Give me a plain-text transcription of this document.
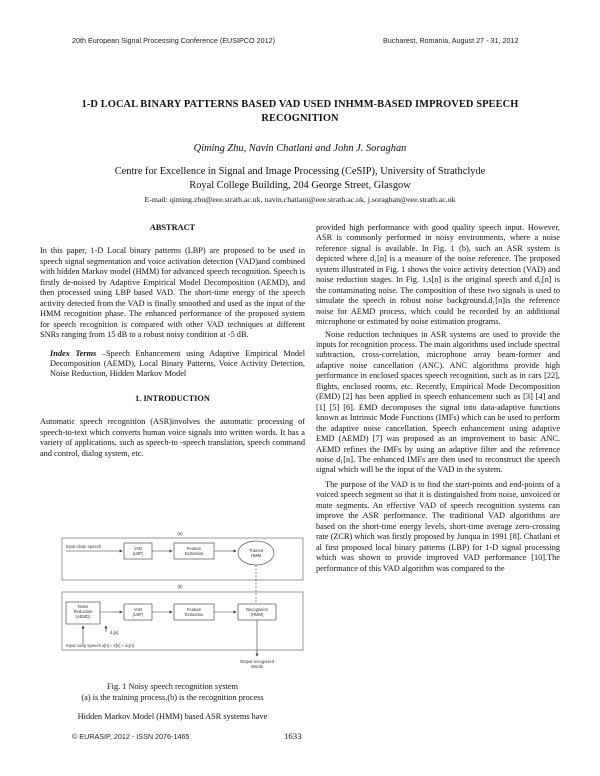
20th European Signal Processing Conference (EUSIPCO 2012)	Bucharest, Romania, August 27 - 31, 2012
1-D LOCAL BINARY PATTERNS BASED VAD USED INHMM-BASED IMPROVED SPEECH
RECOGNITION
Qiming Zhu, Navin Chatlani and John J. Soraghan
Centre for Excellence in Signal and Image Processing (CeSIP), University of Strathclyde
Royal College Building, 204 George Street, Glasgow
E-mail: qiming.zhu@eee.strath.ac.uk, navin.chatlani@eee.strath.ac.uk, j.soraghan@eee.strath.ac.uk

ABSTRACT

In this paper, 1-D Local binary patterns (LBP) are proposed to be used in speech signal segmentation and voice activation detection (VAD)and combined with hidden Markov model (HMM) for advanced speech recognition. Speech is firstly de-noised by Adaptive Empirical Model Decomposition (AEMD), and then processed using LBP based VAD. The short-time energy of the speech activity detected from the VAD is finally smoothed and used as the input of the HMM recognition phase. The enhanced performance of the proposed system for speech recognition is compared with other VAD techniques at different SNRs ranging from 15 dB to a robust noisy condition at -5 dB.

Index Terms –Speech Enhancement using Adaptive Empirical Model Decomposition (AEMD), Local Binary Patterns, Voice Activity Detection, Noise Reduction, Hidden Markov Model

1. INTRODUCTION

Automatic speech recognition (ASR)involves the automatic processing of speech-to-text which converts human voice signals into written words. It has a variety of applications, such as speech-to -speech translation, speech command and control, dialog system, etc.

(a)
Input clean speech	VAD
(LBP)
Feature
Extraction
Trained
HMM
(b)
Noise
Reduction
(AEMD)
VAD
(LBP)
Feature
Extraction
Recognition
(HMM)
d₁[n]
Input noisy speech x[n] = s[n] + d₀[n]
Output recognized
Words
Fig. 1 Noisy speech recognition system
(a) is the training process,(b) is the recognition process
Hidden Markov Model (HMM) based ASR systems have

provided high performance with good quality speech input. However, ASR is commonly performed in noisy environments, where a noise reference signal is available. In Fig. 1 (b), such an ASR system is depicted where d₁[n] is a measure of the noise reference. The proposed system illustrated in Fig. 1 shows the voice activity detection (VAD) and noise reduction stages. In Fig. 1,s[n] is the original speech and d₀[n] is the contaminating noise. The composition of these two signals is used to simulate the speech in robust noise background.d₁[n]is the reference noise for AEMD process, which could be recorded by an additional microphone or estimated by noise estimation programs.

Noise reduction techniques in ASR systems are used to provide the inputs for recognition process. The main algorithms used include spectral subtraction, cross-correlation, microphone array beam-former and adaptive noise cancellation (ANC). ANC algorithms provide high performance in enclosed spaces speech recognition, such as in cars [22], flights, enclosed rooms, etc. Recently, Empirical Mode Decomposition (EMD) [2] has been applied in speech enhancement such as [3] [4] and [1] [5] [6]. EMD decomposes the signal into data-adaptive functions known as Intrinsic Mode Functions (IMFs) which can be used to perform the adaptive noise cancellation. Speech enhancement using adaptive EMD (AEMD) [7] was proposed as an improvement to basic ANC. AEMD refines the IMFs by using an adaptive filter and the reference noise d₁[n]. The enhanced IMFs are then used to reconstruct the speech signal which will be the input of the VAD in the system.

The purpose of the VAD is to find the start-points and end-points of a voiced speech segment so that it is distinguished from noise, unvoiced or mute segments. An effective VAD of speech recognition systems can improve the ASR performance. The traditional VAD algorithms are based on the short-time energy levels, short-time average zero-crossing rate (ZCR) which was firstly proposed by Junqua in 1991 [8]. Chatlani et al first proposed local binary patterns (LBP) for 1-D signal processing which was shown to provide improved VAD performance [10].The performance of this VAD algorithm was compared to the

© EURASIP, 2012 - ISSN 2076-1465	1633
